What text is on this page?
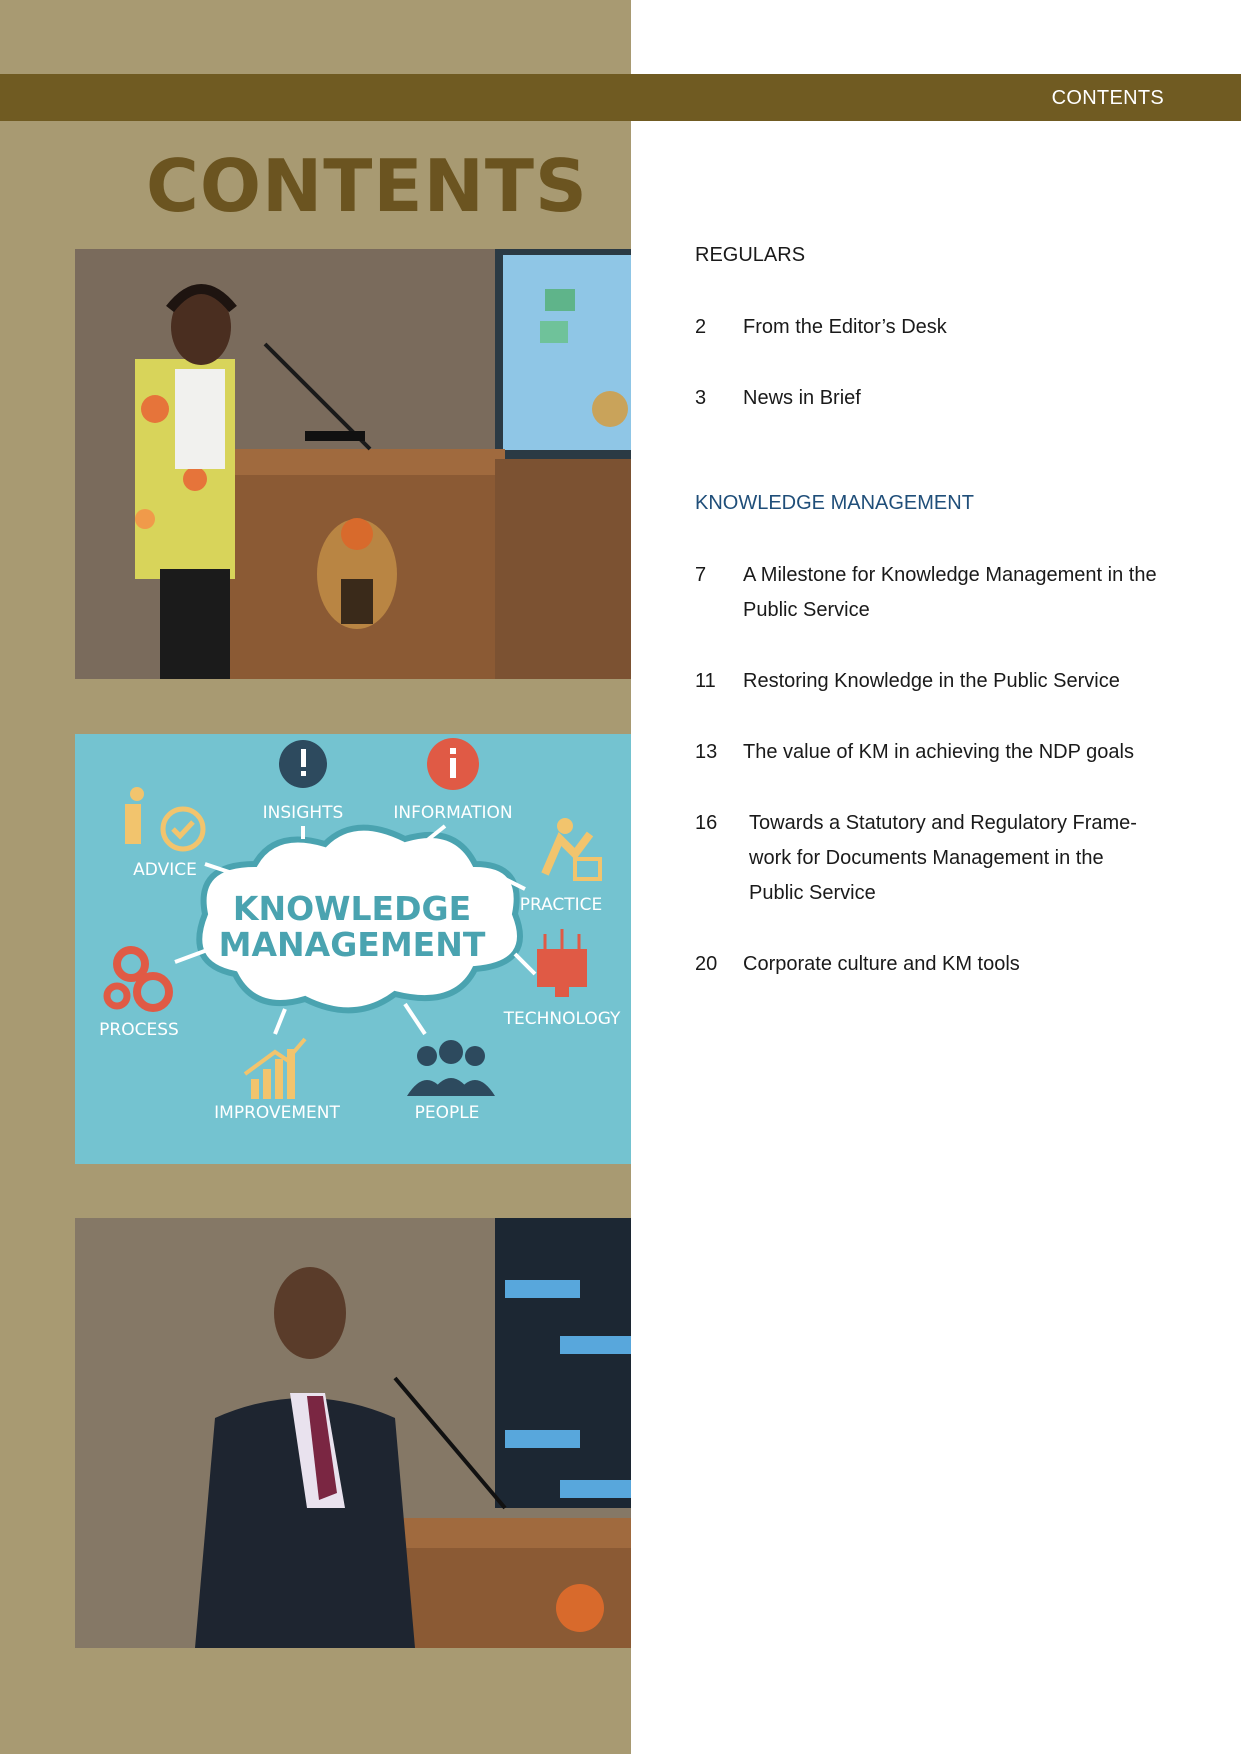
CONTENTS
CONTENTS
KNOWLEDGE
MANAGEMENT
INSIGHTS	INFORMATION
ADVICE
PRACTICE
PROCESS
TECHNOLOGY
IMPROVEMENT	PEOPLE
REGULARS
2 From the Editor’s Desk
3 News in Brief
KNOWLEDGE MANAGEMENT
7 A Milestone for Knowledge Management in the Public Service
11 Restoring Knowledge in the Public Service
13 The value of KM in achieving the NDP goals
16 Towards a Statutory and Regulatory Frame-work for Documents Management in the Public Service
20 Corporate culture and KM tools
